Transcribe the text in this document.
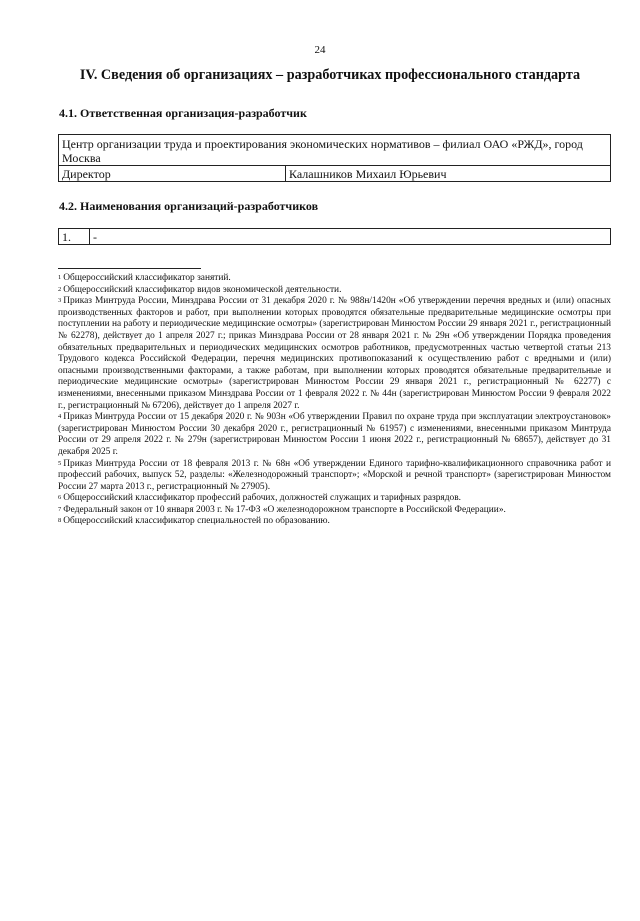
24
IV. Сведения об организациях – разработчиках профессионального стандарта
4.1. Ответственная организация-разработчик
Центр организации труда и проектирования экономических нормативов – филиал ОАО «РЖД», город Москва
Директор	Калашников Михаил Юрьевич
4.2. Наименования организаций-разработчиков
1.	-

$^1$ Общероссийский классификатор занятий.

$^2$ Общероссийский классификатор видов экономической деятельности.

$^3$ Приказ Минтруда России, Минздрава России от 31 декабря 2020 г. № 988н/1420н «Об утверждении перечня вредных и (или) опасных производственных факторов и работ, при выполнении которых проводятся обязательные предварительные медицинские осмотры при поступлении на работу и периодические медицинские осмотры» (зарегистрирован Минюстом России 29 января 2021 г., регистрационный № 62278), действует до 1 апреля 2027 г.; приказ Минздрава России от 28 января 2021 г. № 29н «Об утверждении Порядка проведения обязательных предварительных и периодических медицинских осмотров работников, предусмотренных частью четвертой статьи 213 Трудового кодекса Российской Федерации, перечня медицинских противопоказаний к осуществлению работ с вредными и (или) опасными производственными факторами, а также работам, при выполнении которых проводятся обязательные предварительные и периодические медицинские осмотры» (зарегистрирован Минюстом России 29 января 2021 г., регистрационный № 62277) с изменениями, внесенными приказом Минздрава России от 1 февраля 2022 г. № 44н (зарегистрирован Минюстом России 9 февраля 2022 г., регистрационный № 67206), действует до 1 апреля 2027 г.

$^4$ Приказ Минтруда России от 15 декабря 2020 г. № 903н «Об утверждении Правил по охране труда при эксплуатации электроустановок» (зарегистрирован Минюстом России 30 декабря 2020 г., регистрационный № 61957) с изменениями, внесенными приказом Минтруда России от 29 апреля 2022 г. № 279н (зарегистрирован Минюстом России 1 июня 2022 г., регистрационный № 68657), действует до 31 декабря 2025 г.

$^5$ Приказ Минтруда России от 18 февраля 2013 г. № 68н «Об утверждении Единого тарифно-квалификационного справочника работ и профессий рабочих, выпуск 52, разделы: «Железнодорожный транспорт»; «Морской и речной транспорт» (зарегистрирован Минюстом России 27 марта 2013 г., регистрационный № 27905).

$^6$ Общероссийский классификатор профессий рабочих, должностей служащих и тарифных разрядов.

$^7$ Федеральный закон от 10 января 2003 г. № 17-ФЗ «О железнодорожном транспорте в Российской Федерации».

$^8$ Общероссийский классификатор специальностей по образованию.
